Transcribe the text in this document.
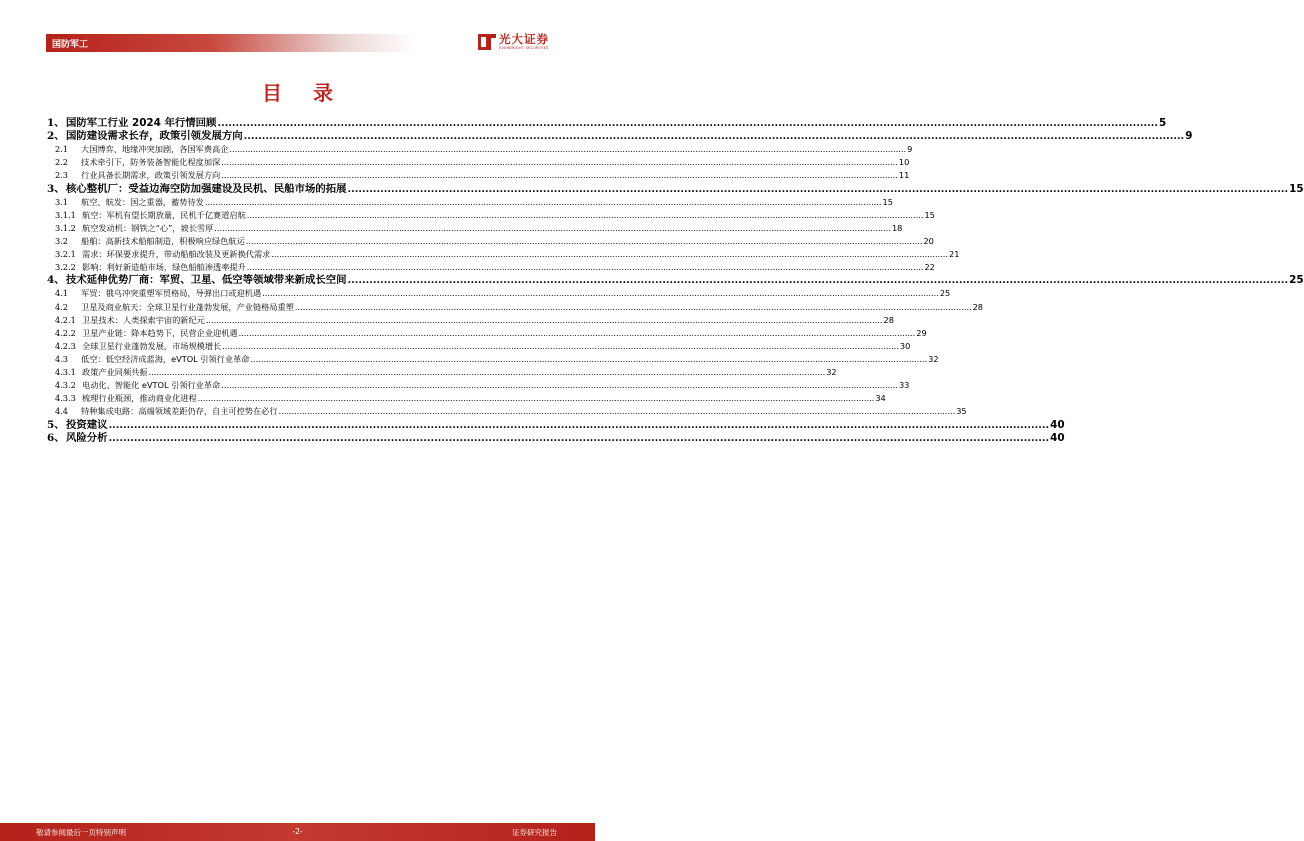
国防军工	光大证券
EVERBRIGHT SECURITIES
目 录
1、 国防军工行业 2024 年行情回顾 .................................................................................................................................................................................................................................................................... 5
2、 国防建设需求长存，政策引领发展方向 .................................................................................................................................................................................................................................................................... 9
2.1	大国博弈、地缘冲突加剧，各国军费高企 .................................................................................................................................................................................................................................................................... 9
2.2	技术牵引下，防务装备智能化程度加深 .................................................................................................................................................................................................................................................................... 10
2.3	行业具备长期需求，政策引领发展方向 .................................................................................................................................................................................................................................................................... 11
3、 核心整机厂：受益边海空防加强建设及民机、民船市场的拓展 .................................................................................................................................................................................................................................................................... 15
3.1	航空、航发：国之重器，蓄势待发 .................................................................................................................................................................................................................................................................... 15
3.1.1 航空：军机有望长期放量，民机千亿赛道启航 .................................................................................................................................................................................................................................................................... 15
3.1.2 航空发动机：钢铁之“心”，坡长雪厚 .................................................................................................................................................................................................................................................................... 18
3.2	船舶：高新技术船舶制造，积极响应绿色航运 .................................................................................................................................................................................................................................................................... 20
3.2.1 需求：环保要求提升，带动船舶改装及更新换代需求 .................................................................................................................................................................................................................................................................... 21
3.2.2 影响：利好新造船市场，绿色船舶渗透率提升 .................................................................................................................................................................................................................................................................... 22
4、 技术延伸优势厂商：军贸、卫星、低空等领域带来新成长空间 .................................................................................................................................................................................................................................................................... 25
4.1	军贸：俄乌冲突重塑军贸格局，导弹出口或迎机遇 .................................................................................................................................................................................................................................................................... 25
4.2	卫星及商业航天：全球卫星行业蓬勃发展，产业链格局重塑 .................................................................................................................................................................................................................................................................... 28
4.2.1 卫星技术：人类探索宇宙的新纪元 .................................................................................................................................................................................................................................................................... 28
4.2.2 卫星产业链：降本趋势下，民营企业迎机遇 .................................................................................................................................................................................................................................................................... 29
4.2.3 全球卫星行业蓬勃发展，市场规模增长 .................................................................................................................................................................................................................................................................... 30
4.3	低空：低空经济成蓝海，eVTOL 引领行业革命 .................................................................................................................................................................................................................................................................... 32
4.3.1 政策产业同频共振 .................................................................................................................................................................................................................................................................... 32
4.3.2 电动化、智能化 eVTOL 引领行业革命 .................................................................................................................................................................................................................................................................... 33
4.3.3 梳理行业瓶颈，推动商业化进程 .................................................................................................................................................................................................................................................................... 34
4.4	特种集成电路：高端领域差距仍存，自主可控势在必行 .................................................................................................................................................................................................................................................................... 35
5、 投资建议 .................................................................................................................................................................................................................................................................... 40
6、 风险分析 .................................................................................................................................................................................................................................................................... 40
敬请参阅最后一页特别声明	-2-	证券研究报告
